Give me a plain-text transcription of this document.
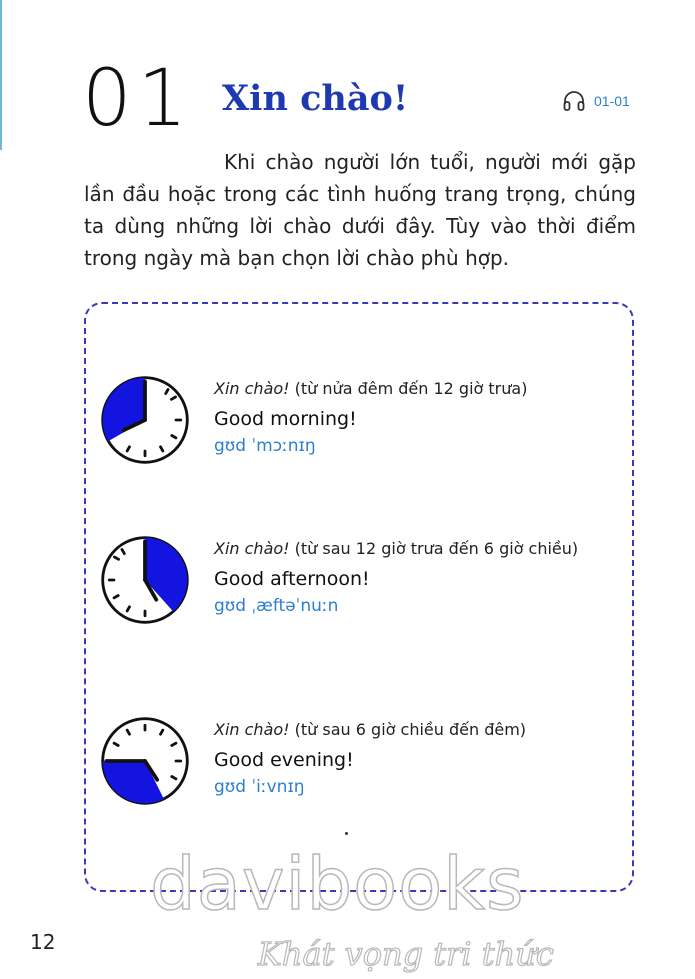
01 Xin chào!	01-01
Khi chào người lớn tuổi, người mới gặp lần đầu hoặc trong các tình huống trang trọng, chúng ta dùng những lời chào dưới đây. Tùy vào thời điểm trong ngày mà bạn chọn lời chào phù hợp.
Xin chào! (từ nửa đêm đến 12 giờ trưa)
Good morning!
gʊd ˈmɔːnɪŋ
Xin chào! (từ sau 12 giờ trưa đến 6 giờ chiều)
Good afternoon!
gʊd ˌæftəˈnuːn
Xin chào! (từ sau 6 giờ chiều đến đêm)
Good evening!
gʊd ˈiːvnɪŋ
davibooks
Khát vọng tri thức
12
